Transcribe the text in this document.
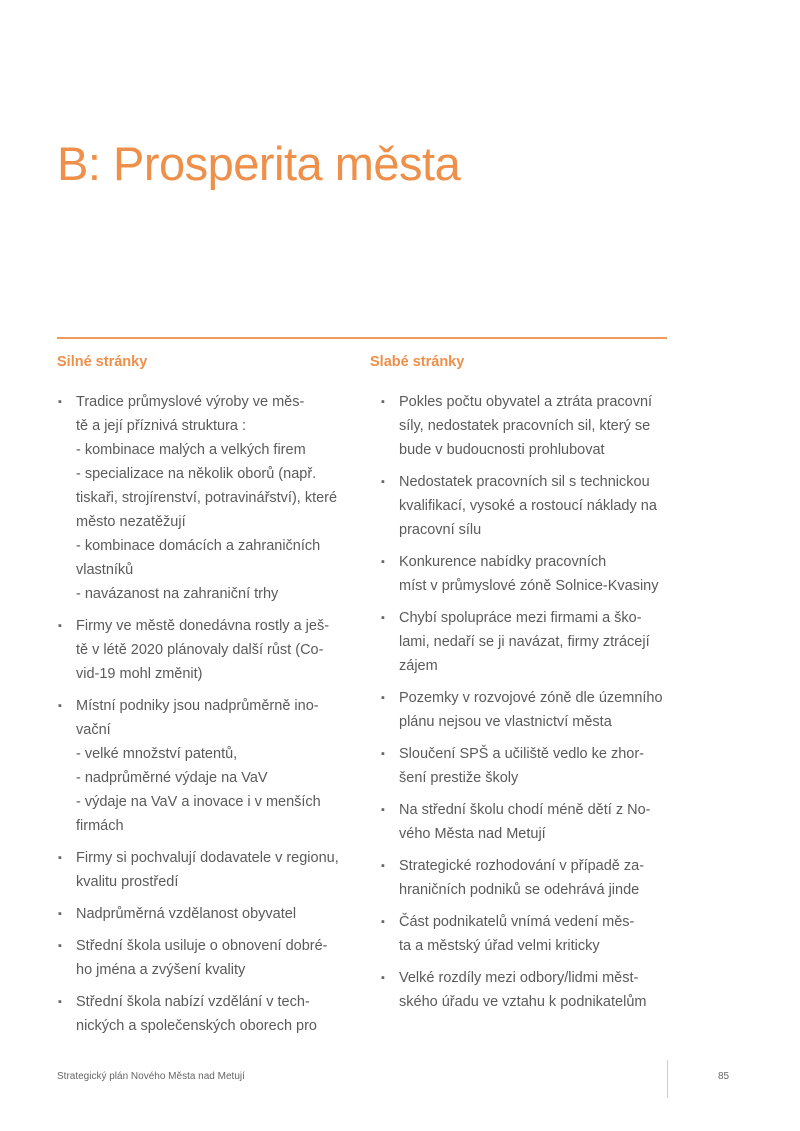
B: Prosperita města
Silné stránky	Slabé stránky
▪ Tradice průmyslové výroby ve měs-
tě a její příznivá struktura :
- kombinace malých a velkých firem
- specializace na několik oborů (např.
tiskaři, strojírenství, potravinářství), které
město nezatěžují
- kombinace domácích a zahraničních
vlastníků
- navázanost na zahraniční trhy
▪ Firmy ve městě donedávna rostly a ješ-
tě v létě 2020 plánovaly další růst (Co-
vid-19 mohl změnit)
▪ Místní podniky jsou nadprůměrně ino-
vační
- velké množství patentů,
- nadprůměrné výdaje na VaV
- výdaje na VaV a inovace i v menších
firmách
▪ Firmy si pochvalují dodavatele v regionu,
kvalitu prostředí
▪ Nadprůměrná vzdělanost obyvatel
▪ Střední škola usiluje o obnovení dobré-
ho jména a zvýšení kvality
▪ Střední škola nabízí vzdělání v tech-
nických a společenských oborech pro
▪ Pokles počtu obyvatel a ztráta pracovní
síly, nedostatek pracovních sil, který se
bude v budoucnosti prohlubovat
▪ Nedostatek pracovních sil s technickou
kvalifikací, vysoké a rostoucí náklady na
pracovní sílu
▪ Konkurence nabídky pracovních
míst v průmyslové zóně Solnice-Kvasiny
▪ Chybí spolupráce mezi firmami a ško-
lami, nedaří se ji navázat, firmy ztrácejí
zájem
▪ Pozemky v rozvojové zóně dle územního
plánu nejsou ve vlastnictví města
▪ Sloučení SPŠ a učiliště vedlo ke zhor-
šení prestiže školy
▪ Na střední školu chodí méně dětí z No-
vého Města nad Metují
▪ Strategické rozhodování v případě za-
hraničních podniků se odehrává jinde
▪ Část podnikatelů vnímá vedení měs-
ta a městský úřad velmi kriticky
▪ Velké rozdíly mezi odbory/lidmi měst-
ského úřadu ve vztahu k podnikatelům
Strategický plán Nového Města nad Metují	85
